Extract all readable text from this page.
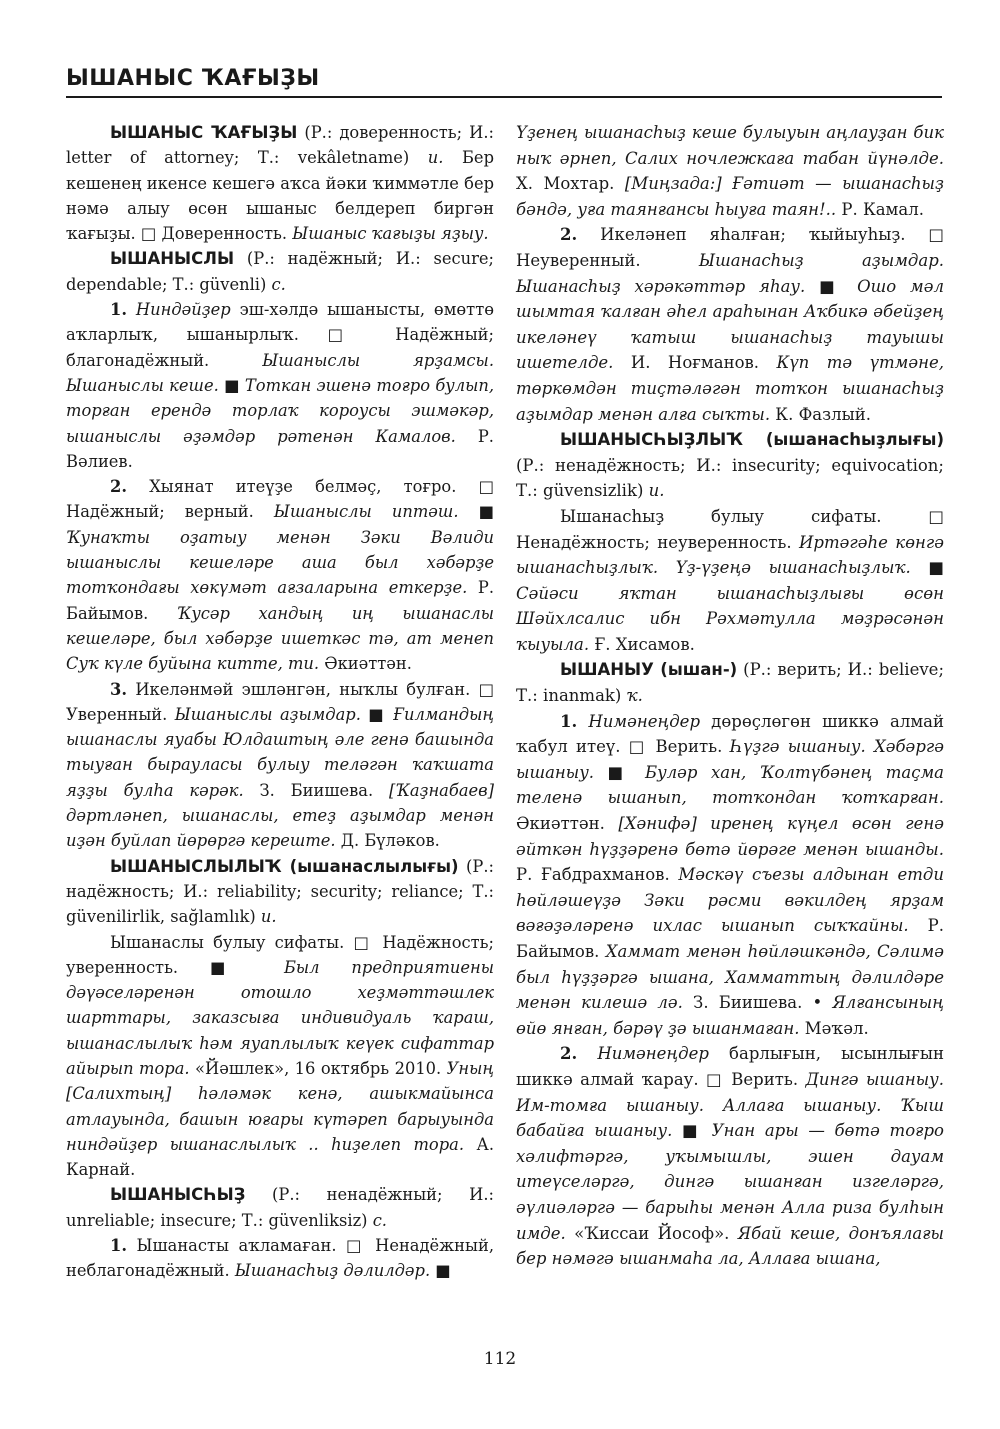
ЫШАНЫС ҠАҒЫҘЫ

ЫШАНЫС ҠАҒЫҘЫ (Р.: доверенность; И.: letter of attorney; Т.: vekâletname) и. Бер кешенең икенсе кешегә аҡса йәки ҡиммәтле бер нәмә алыу өсөн ышаныс белдереп биргән ҡағыҙы. □ Доверенность. Ышаныс ҡағыҙы яҙыу.

ЫШАНЫСЛЫ (Р.: надёжный; И.: secure; dependable; Т.: güvenli) с.

1. Ниндәйҙер эш-хәлдә ышанысты, өмөттө аҡларлыҡ, ышанырлыҡ. □ Надёжный; благонадёжный. Ышаныслы ярҙамсы. Ышаныслы кеше. ■ Тоткан эшенә тоғро булып, торған ерендә торлаҡ короусы эшмәкәр, ышаныслы әҙәмдәр рәтенән Камалов. Р. Вәлиев.

2. Хыянат итеүҙе белмәҫ, тоғро. □ Надёжный; верный. Ышаныслы иптәш. ■ Ҡунаҡты оҙатыу менән Зәки Вәлиди ышаныслы кешеләре аша был хәбәрҙе тотҡондағы хөкүмәт ағзаларына еткерҙе. Р. Байымов. Ҡусәр хандың иң ышанаслы кешеләре, был хәбәрҙе ишеткәс тә, ат менеп Суҡ күле буйына китте, ти. Әкиәттән.

3. Икеләнмәй эшләнгән, ныҡлы булған. □ Уверенный. Ышаныслы аҙымдар. ■ Ғилмандың ышанаслы яуабы Юлдаштың әле генә башында тыуған бырауласы булыу теләгән ҡаҡшата яҙҙы булһа кәрәк. З. Биишева. [Ҡаҙнабаев] дәртләнеп, ышанаслы, етеҙ аҙымдар менән иҙән буйлап йөрөргә кереште. Д. Бүләков.

ЫШАНЫСЛЫЛЫҠ (ышанаслылығы) (Р.: надёжность; И.: reliability; security; reliance; Т.: güvenilirlik, sağlamlık) и.

Ышанаслы булыу сифаты. □ Надёжность; уверенность. ■ Был предприятиены дәүәселәренән отошло хеҙмәттәшлек шарттары, заказсыға индивидуаль ҡараш, ышанаслылыҡ һәм яуаплылыҡ кеүек сифаттар айырып тора. «Йәшлек», 16 октябрь 2010. Уның [Салихтың] һәләмәк кенә, ашыкмайынса атлауында, башын юғары күтәреп барыуында ниндәйҙер ышанаслылыҡ .. һиҙелеп тора. А. Карнай.

ЫШАНЫСҺЫҘ (Р.: ненадёжный; И.: unreliable; insecure; Т.: güvenliksiz) с.

1. Ышанасты аҡламаған. □ Ненадёжный, неблагонадёжный. Ышанасһыҙ дәлилдәр. ■

Үҙенең ышанасһыҙ кеше булыуын аңлауҙан бик ныҡ әрнеп, Салих ночлежкаға табан йүнәлде. Х. Мохтар. [Миңзада:] Ғәтиәт — ышанасһыҙ бәндә, уға таянғансы һыуға таян!.. Р. Камал.

2. Икеләнеп яһалған; ҡыйыуһыҙ. □ Неуверенный. Ышанасһыҙ аҙымдар. Ышанасһыҙ хәрәкәттәр яһау. ■ Ошо мәл шымтая ҡалған әһел араһынан Аҡбикә әбейҙең икеләнеү ҡатыш ышанасһыҙ тауышы ишетелде. И. Ноғманов. Күп тә үтмәне, төркөмдән тиҫтәләгән тотҡон ышанасһыҙ аҙымдар менән алға сыҡты. К. Фазлый.

ЫШАНЫСҺЫҘЛЫҠ (ышанасһыҙлығы) (Р.: ненадёжность; И.: insecurity; equivocation; Т.: güvensizlik) и.

Ышанасһыҙ булыу сифаты. □ Ненадёжность; неуверенность. Иртәгәһе көнгә ышанасһыҙлыҡ. Үҙ-үҙеңә ышанасһыҙлыҡ. ■ Сәйәси яҡтан ышанасһыҙлығы өсөн Шәйхлсалис ибн Рәхмәтулла мәҙрәсәнән ҡыуыла. Ғ. Хисамов.

ЫШАНЫУ (ышан-) (Р.: верить; И.: believe; Т.: inanmak) ҡ.

1. Нимәнеңдер дөрөҫлөгөн шиккә алмай ҡабул итеү. □ Верить. Һүҙгә ышаныу. Хәбәргә ышаныу. ■ Буләр хан, Ҡолтүбәнең таҫма теленә ышанып, тотҡондан ҡотҡарған. Әкиәттән. [Хәнифә] иренең күңел өсөн генә әйткән һүҙҙәренә бөтә йөрәге менән ышанды. Р. Ғабдрахманов. Мәскәү съезы алдынан етди һөйләшеүҙә Зәки рәсми вәкилдең ярҙам вәғәҙәләренә ихлас ышанып сыҡҡайны. Р. Байымов. Хаммат менән һөйләшкәндә, Сәлимә был һүҙҙәргә ышана, Хамматтың дәлилдәре менән килешә лә. З. Биишева. • Ялғансының өйө янған, бәрәү ҙә ышанмаған. Мәҡәл.

2. Нимәнеңдер барлығын, ысынлығын шиккә алмай ҡарау. □ Верить. Дингә ышаныу. Им-томға ышаныу. Аллаға ышаныу. Ҡыш бабайға ышаныу. ■ Унан ары — бөтә тоғро хәлифтәргә, уҡымышлы, эшен дауам итеүселәргә, дингә ышанған изгеләргә, әүлиәләргә — барыһы менән Алла риза булһын имде. «Ҡиссаи Йософ». Ябай кеше, донъялағы бер нәмәгә ышанмаһа ла, Аллаға ышана,

112
